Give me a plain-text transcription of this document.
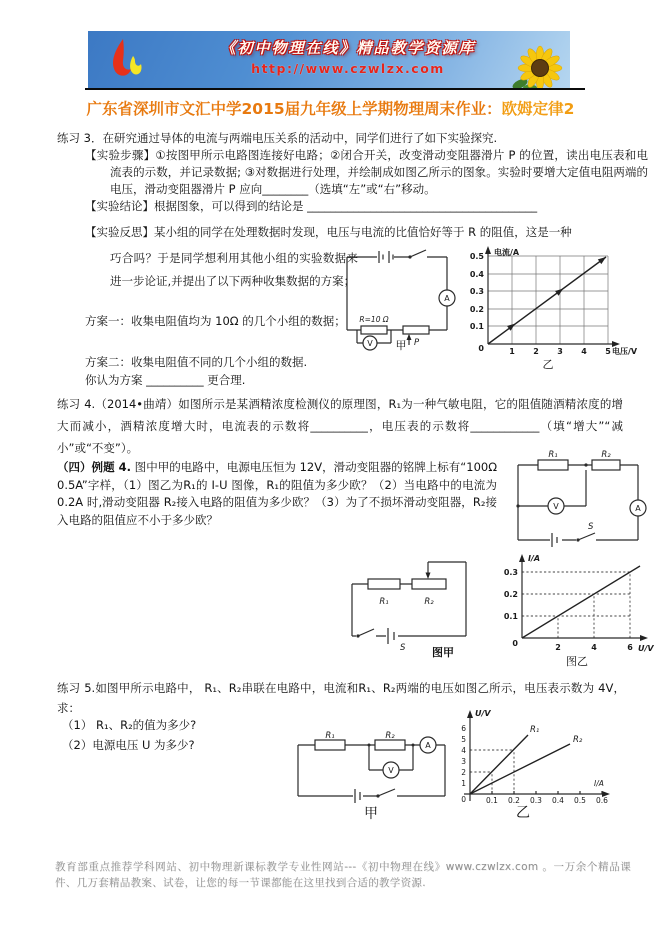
《初中物理在线》精品教学资源库
http://www.czwlzx.com
广东省深圳市文汇中学2015届九年级上学期物理周末作业：欧姆定律2
练习 3．在研究通过导体的电流与两端电压关系的活动中，同学们进行了如下实验探究.
【实验步骤】①按图甲所示电路图连接好电路；②闭合开关，改变滑动变阻器滑片 P 的位置，读出电压表和电流表的示数，并记录数据; ③对数据进行处理，并绘制成如图乙所示的图象。实验时要增大定值电阻两端的电压，滑动变阻器滑片 P 应向________（选填“左”或“右”移动。
【实验结论】根据图象，可以得到的结论是 ________________________________________
【实验反思】某小组的同学在处理数据时发现，电压与电流的比值恰好等于 R 的阻值，这是一种
巧合吗？于是同学想利用其他小组的实验数据来进一步论证,并提出了以下两种收集数据的方案；
方案一：收集电阻值均为 10Ω 的几个小组的数据；
方案二：收集电阻值不同的几个小组的数据.
你认为方案 __________ 更合理.
A
P
R=10 Ω
V 甲
电流/A
电压/V
0.1
0.2
0.3
0.4
0.5
0	1 2 3 4 5
乙
练习 4.（2014•曲靖）如图所示是某酒精浓度检测仪的原理图，R₁为一种气敏电阻，它的阻值随酒精浓度的增大而减小，酒精浓度增大时，电流表的示数将__________，电压表的示数将____________（填“增大”“减小”或“不变”）。	R₁	R₂
V	A
S
（四）例题 4. 图中甲的电路中，电源电压恒为 12V，滑动变阻器的铭牌上标有“100Ω　0.5A”字样，（1）图乙为R₁的 I-U 图像，R₁的阻值为多少欧？（2）当电路中的电流为 0.2A 时,滑动变阻器 R₂接入电路的阻值为多少欧？（3）为了不损坏滑动变阻器，R₂接入电路的阻值应不小于多少欧？
R₁	R₂
S 图甲
I/A
U/V
0.1
0.2
0.3
0	2	4	6
图乙
练习 5.如图甲所示电路中， R₁、R₂串联在电路中，电流和R₁、R₂两端的电压如图乙所示，电压表示数为 4V，求：
（1） R₁、R₂的值为多少?
（2）电源电压 U 为多少?
R₁	R₂
V
A
甲
R₁
R₂
U/V
I/A
1
2
3
4
5
6
0	0.1 0.2 0.3 0.4 0.5 0.6
乙
教育部重点推荐学科网站、初中物理新课标教学专业性网站---《初中物理在线》www.czwlzx.com 。一万余个精品课件、几万套精品教案、试卷，让您的每一节课都能在这里找到合适的教学资源.
